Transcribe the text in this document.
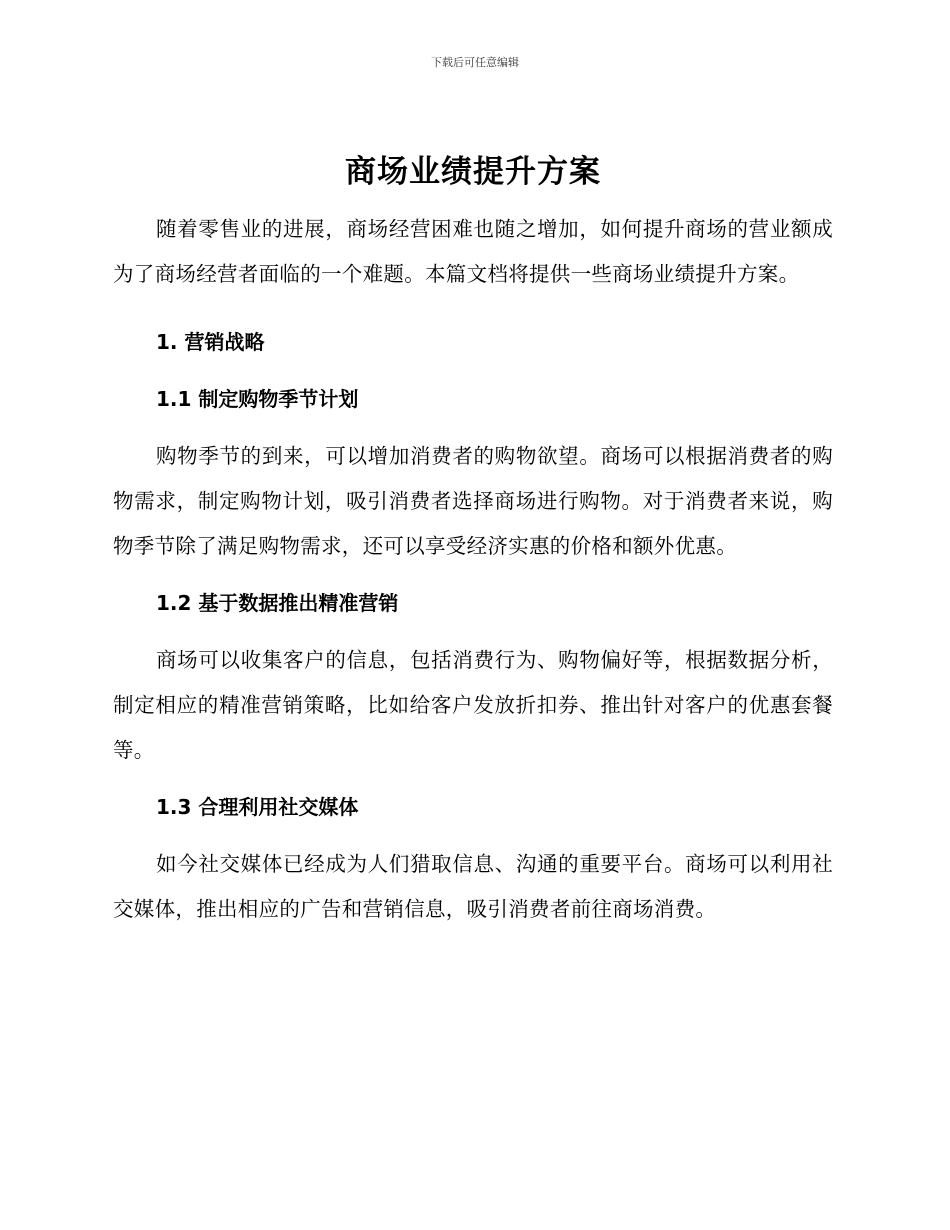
下载后可任意编辑
商场业绩提升方案

随着零售业的进展，商场经营困难也随之增加，如何提升商场的营业额成为了商场经营者面临的一个难题。本篇文档将提供一些商场业绩提升方案。

1. 营销战略
1.1 制定购物季节计划

购物季节的到来，可以增加消费者的购物欲望。商场可以根据消费者的购物需求，制定购物计划，吸引消费者选择商场进行购物。对于消费者来说，购物季节除了满足购物需求，还可以享受经济实惠的价格和额外优惠。

1.2 基于数据推出精准营销

商场可以收集客户的信息，包括消费行为、购物偏好等，根据数据分析，制定相应的精准营销策略，比如给客户发放折扣券、推出针对客户的优惠套餐等。

1.3 合理利用社交媒体

如今社交媒体已经成为人们猎取信息、沟通的重要平台。商场可以利用社交媒体，推出相应的广告和营销信息，吸引消费者前往商场消费。
